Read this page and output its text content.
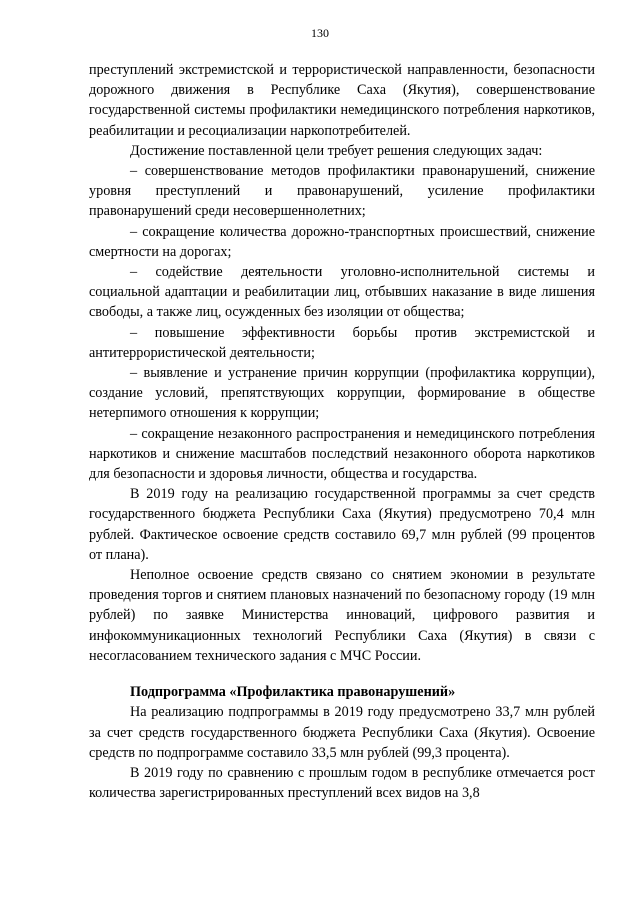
130

преступлений экстремистской и террористической направленности, безопасности дорожного движения в Республике Саха (Якутия), совершенствование государственной системы профилактики немедицинского потребления наркотиков, реабилитации и ресоциализации наркопотребителей.

Достижение поставленной цели требует решения следующих задач:

– совершенствование методов профилактики правонарушений, снижение уровня преступлений и правонарушений, усиление профилактики правонарушений среди несовершеннолетних;

– сокращение количества дорожно-транспортных происшествий, снижение смертности на дорогах;

– содействие деятельности уголовно-исполнительной системы и социальной адаптации и реабилитации лиц, отбывших наказание в виде лишения свободы, а также лиц, осужденных без изоляции от общества;

– повышение эффективности борьбы против экстремистской и антитеррористической деятельности;

– выявление и устранение причин коррупции (профилактика коррупции), создание условий, препятствующих коррупции, формирование в обществе нетерпимого отношения к коррупции;

– сокращение незаконного распространения и немедицинского потребления наркотиков и снижение масштабов последствий незаконного оборота наркотиков для безопасности и здоровья личности, общества и государства.

В 2019 году на реализацию государственной программы за счет средств государственного бюджета Республики Саха (Якутия) предусмотрено 70,4 млн рублей. Фактическое освоение средств составило 69,7 млн рублей (99 процентов от плана).

Неполное освоение средств связано со снятием экономии в результате проведения торгов и снятием плановых назначений по безопасному городу (19 млн рублей) по заявке Министерства инноваций, цифрового развития и инфокоммуникационных технологий Республики Саха (Якутия) в связи с несогласованием технического задания с МЧС России.

Подпрограмма «Профилактика правонарушений»

На реализацию подпрограммы в 2019 году предусмотрено 33,7 млн рублей за счет средств государственного бюджета Республики Саха (Якутия). Освоение средств по подпрограмме составило 33,5 млн рублей (99,3 процента).

В 2019 году по сравнению с прошлым годом в республике отмечается рост количества зарегистрированных преступлений всех видов на 3,8
